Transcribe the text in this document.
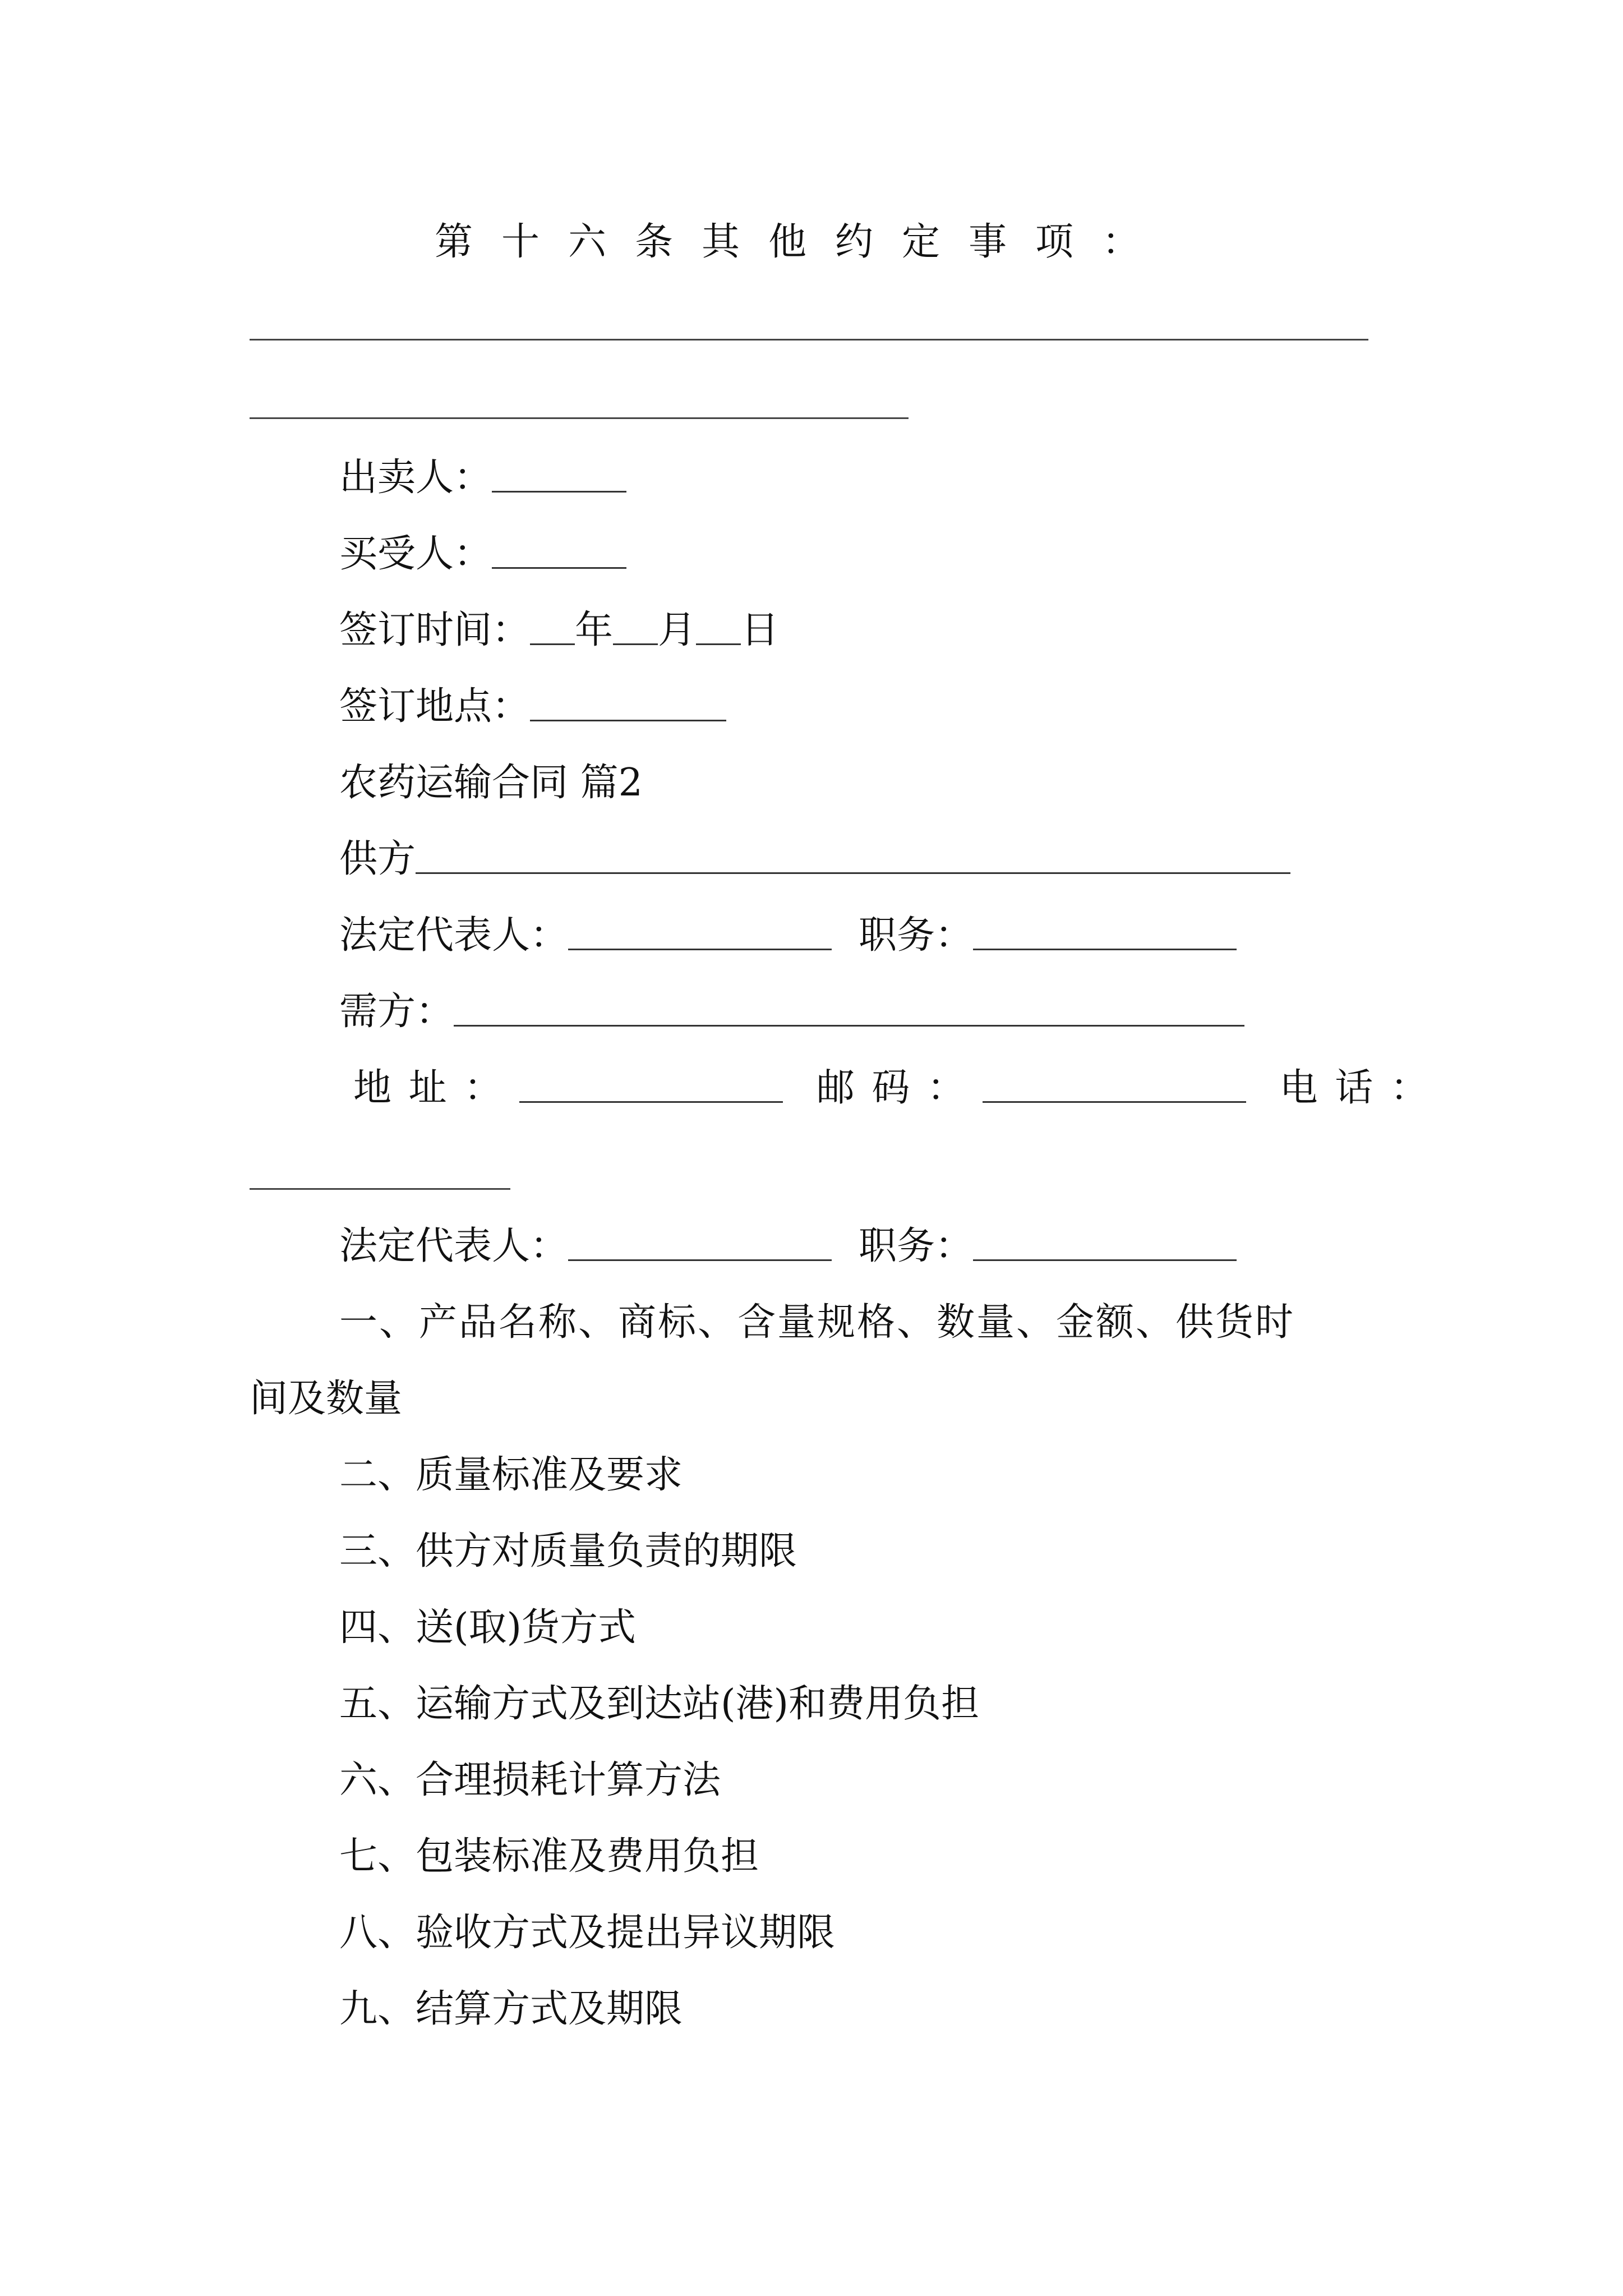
第十六条其他约定事项：
出卖人：
买受人：
签订时间： 年 月 日
签订地点：
农药运输合同 篇2
供方
法定代表人：	职务：
需方：
地址：	邮码：	电话：
法定代表人：	职务：
一、产品名称、商标、含量规格、数量、金额、供货时
间及数量
二、质量标准及要求
三、供方对质量负责的期限
四、送(取)货方式
五、运输方式及到达站(港)和费用负担
六、合理损耗计算方法
七、包装标准及费用负担
八、验收方式及提出异议期限
九、结算方式及期限
